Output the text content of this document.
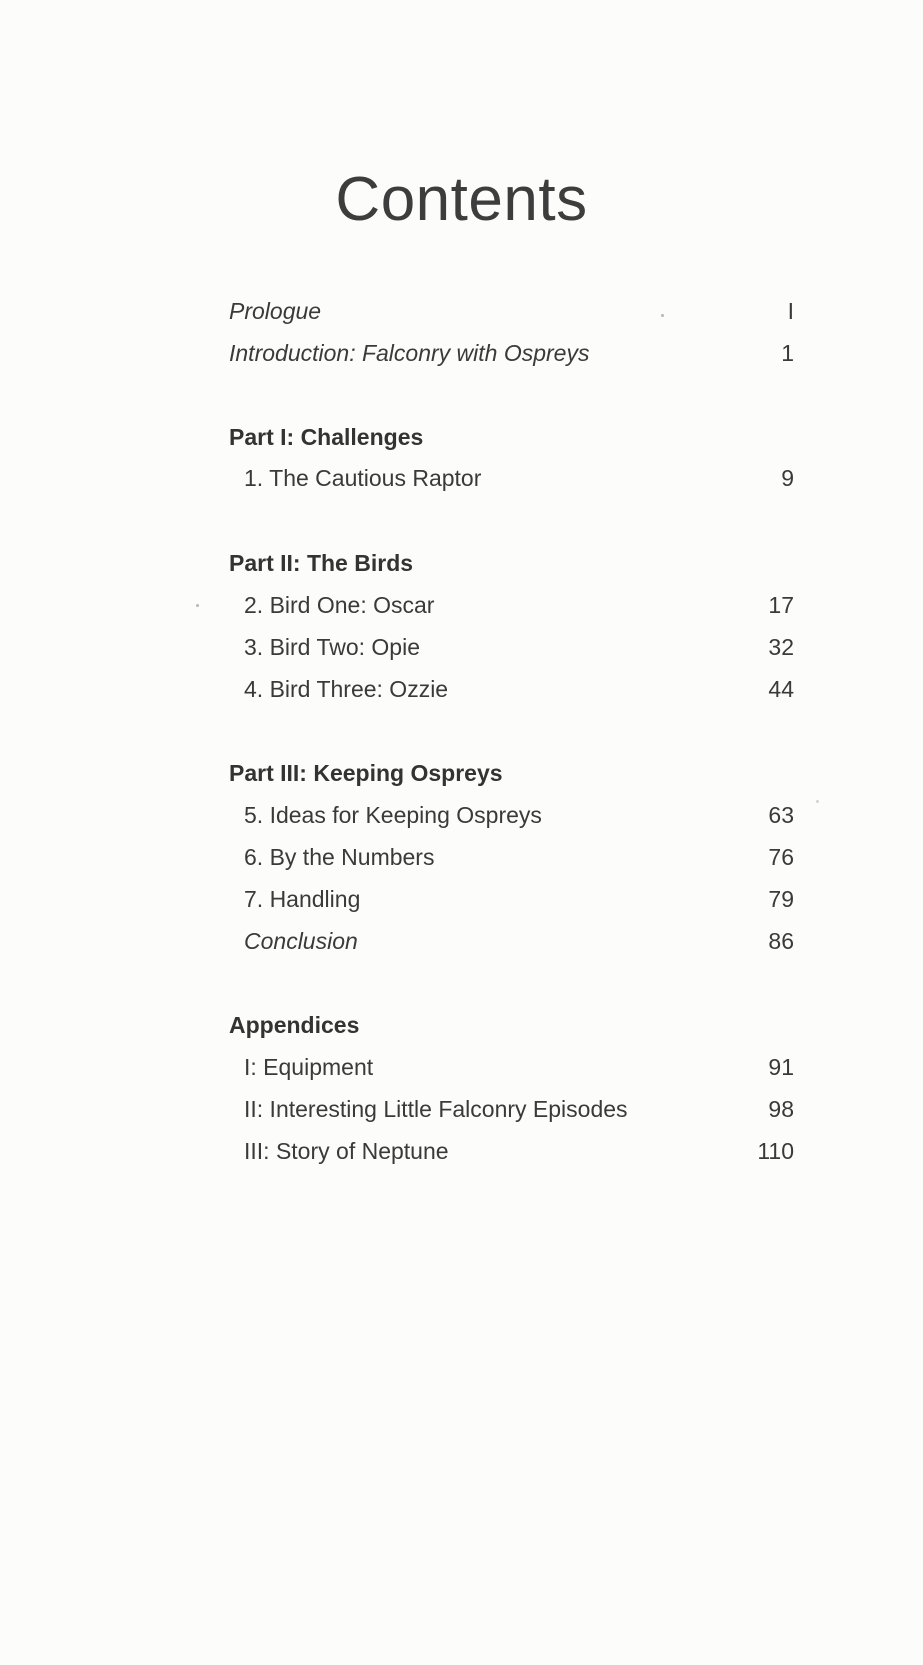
Contents
Prologue	I
Introduction: Falconry with Ospreys	1
Part I: Challenges
1. The Cautious Raptor	9
Part II: The Birds
2. Bird One: Oscar	17
3. Bird Two: Opie	32
4. Bird Three: Ozzie	44
Part III: Keeping Ospreys
5. Ideas for Keeping Ospreys	63
6. By the Numbers	76
7. Handling	79
Conclusion	86
Appendices
I: Equipment	91
II: Interesting Little Falconry Episodes	98
III: Story of Neptune	110
